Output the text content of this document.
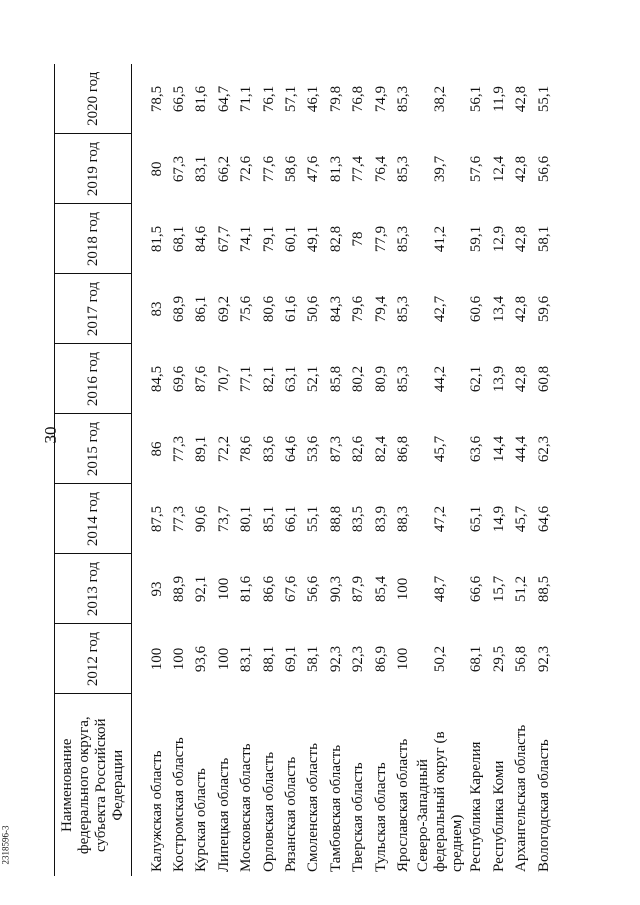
30
2318596-3
Наименование федерального округа, субъекта Российской Федерации	2012 год	2013 год	2014 год	2015 год	2016 год	2017 год	2018 год	2019 год	2020 год

Калужская область	100	93	87,5	86	84,5	83	81,5	80	78,5
Костромская область	100	88,9	77,3	77,3	69,6	68,9	68,1	67,3	66,5
Курская область	93,6	92,1	90,6	89,1	87,6	86,1	84,6	83,1	81,6
Липецкая область	100	100	73,7	72,2	70,7	69,2	67,7	66,2	64,7
Московская область	83,1	81,6	80,1	78,6	77,1	75,6	74,1	72,6	71,1
Орловская область	88,1	86,6	85,1	83,6	82,1	80,6	79,1	77,6	76,1
Рязанская область	69,1	67,6	66,1	64,6	63,1	61,6	60,1	58,6	57,1
Смоленская область	58,1	56,6	55,1	53,6	52,1	50,6	49,1	47,6	46,1
Тамбовская область	92,3	90,3	88,8	87,3	85,8	84,3	82,8	81,3	79,8
Тверская область	92,3	87,9	83,5	82,6	80,2	79,6	78	77,4	76,8
Тульская область	86,9	85,4	83,9	82,4	80,9	79,4	77,9	76,4	74,9
Ярославская область	100	100	88,3	86,8	85,3	85,3	85,3	85,3	85,3
Северо-Западный федеральный округ (в среднем)	50,2	48,7	47,2	45,7	44,2	42,7	41,2	39,7	38,2
Республика Карелия	68,1	66,6	65,1	63,6	62,1	60,6	59,1	57,6	56,1
Республика Коми	29,5	15,7	14,9	14,4	13,9	13,4	12,9	12,4	11,9
Архангельская область	56,8	51,2	45,7	44,4	42,8	42,8	42,8	42,8	42,8
Вологодская область	92,3	88,5	64,6	62,3	60,8	59,6	58,1	56,6	55,1
